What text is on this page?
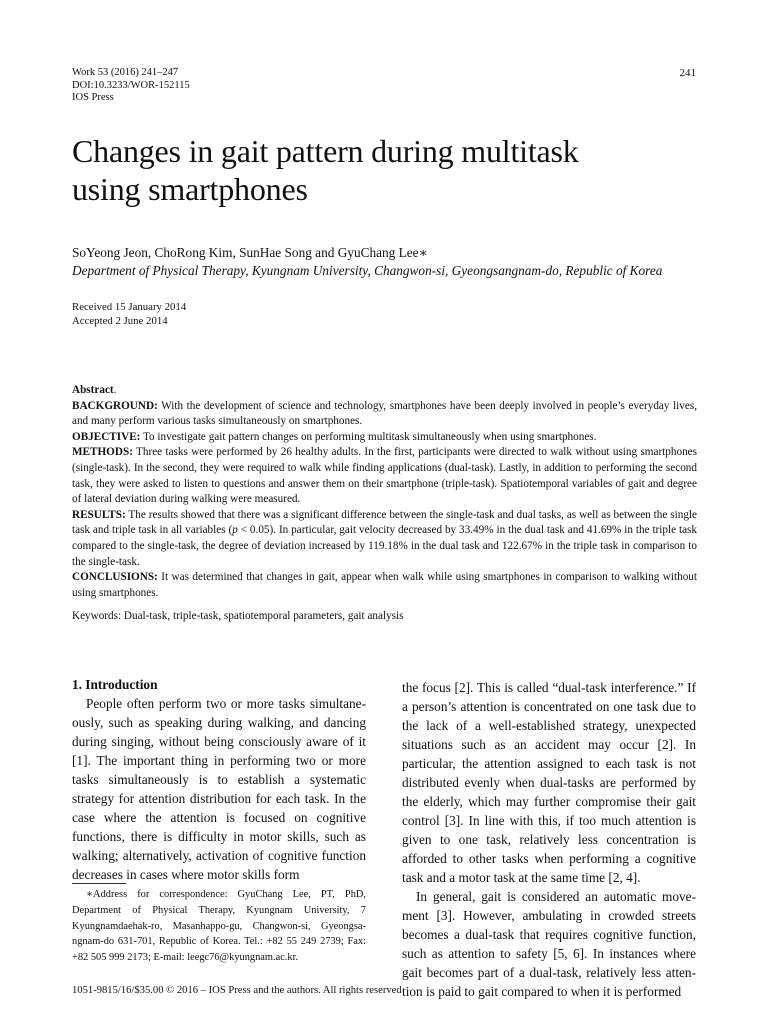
Work 53 (2016) 241–247
DOI:10.3233/WOR-152115
IOS Press
241
Changes in gait pattern during multitask
using smartphones
SoYeong Jeon, ChoRong Kim, SunHae Song and GyuChang Lee∗
Department of Physical Therapy, Kyungnam University, Changwon-si, Gyeongsangnam-do, Republic of Korea
Received 15 January 2014
Accepted 2 June 2014

Abstract.

BACKGROUND: With the development of science and technology, smartphones have been deeply involved in people’s everyday lives, and many perform various tasks simultaneously on smartphones.

OBJECTIVE: To investigate gait pattern changes on performing multitask simultaneously when using smartphones.

METHODS: Three tasks were performed by 26 healthy adults. In the first, participants were directed to walk without using smartphones (single-task). In the second, they were required to walk while finding applications (dual-task). Lastly, in addition to performing the second task, they were asked to listen to questions and answer them on their smartphone (triple-task). Spatiotemporal variables of gait and degree of lateral deviation during walking were measured.

RESULTS: The results showed that there was a significant difference between the single-task and dual tasks, as well as between the single task and triple task in all variables (p < 0.05). In particular, gait velocity decreased by 33.49% in the dual task and 41.69% in the triple task compared to the single-task, the degree of deviation increased by 119.18% in the dual task and 122.67% in the triple task in comparison to the single-task.

CONCLUSIONS: It was determined that changes in gait, appear when walk while using smartphones in comparison to walking without using smartphones.

Keywords: Dual-task, triple-task, spatiotemporal parameters, gait analysis

1. Introduction

People often perform two or more tasks simultaneously, such as speaking during walking, and dancing during singing, without being consciously aware of it [1]. The important thing in performing two or more tasks simultaneously is to establish a systematic strategy for attention distribution for each task. In the case where the attention is focused on cognitive functions, there is difficulty in motor skills, such as walking; alternatively, activation of cognitive function decreases in cases where motor skills form

the focus [2]. This is called “dual-task interference.” If a person’s attention is concentrated on one task due to the lack of a well-established strategy, unexpected situations such as an accident may occur [2]. In particular, the attention assigned to each task is not distributed evenly when dual-tasks are performed by the elderly, which may further compromise their gait control [3]. In line with this, if too much attention is given to one task, relatively less concentration is afforded to other tasks when performing a cognitive task and a motor task at the same time [2, 4].

In general, gait is considered an automatic movement [3]. However, ambulating in crowded streets becomes a dual-task that requires cognitive function, such as attention to safety [5, 6]. In instances where gait becomes part of a dual-task, relatively less attention is paid to gait compared to when it is performed

∗Address for correspondence: GyuChang Lee, PT, PhD, Department of Physical Therapy, Kyungnam University, 7 Kyungnamdaehak-ro, Masanhappo-gu, Changwon-si, Gyeongsangnam-do 631-701, Republic of Korea. Tel.: +82 55 249 2739; Fax: +82 505 999 2173; E-mail: leegc76@kyungnam.ac.kr.

1051-9815/16/$35.00 © 2016 – IOS Press and the authors. All rights reserved
